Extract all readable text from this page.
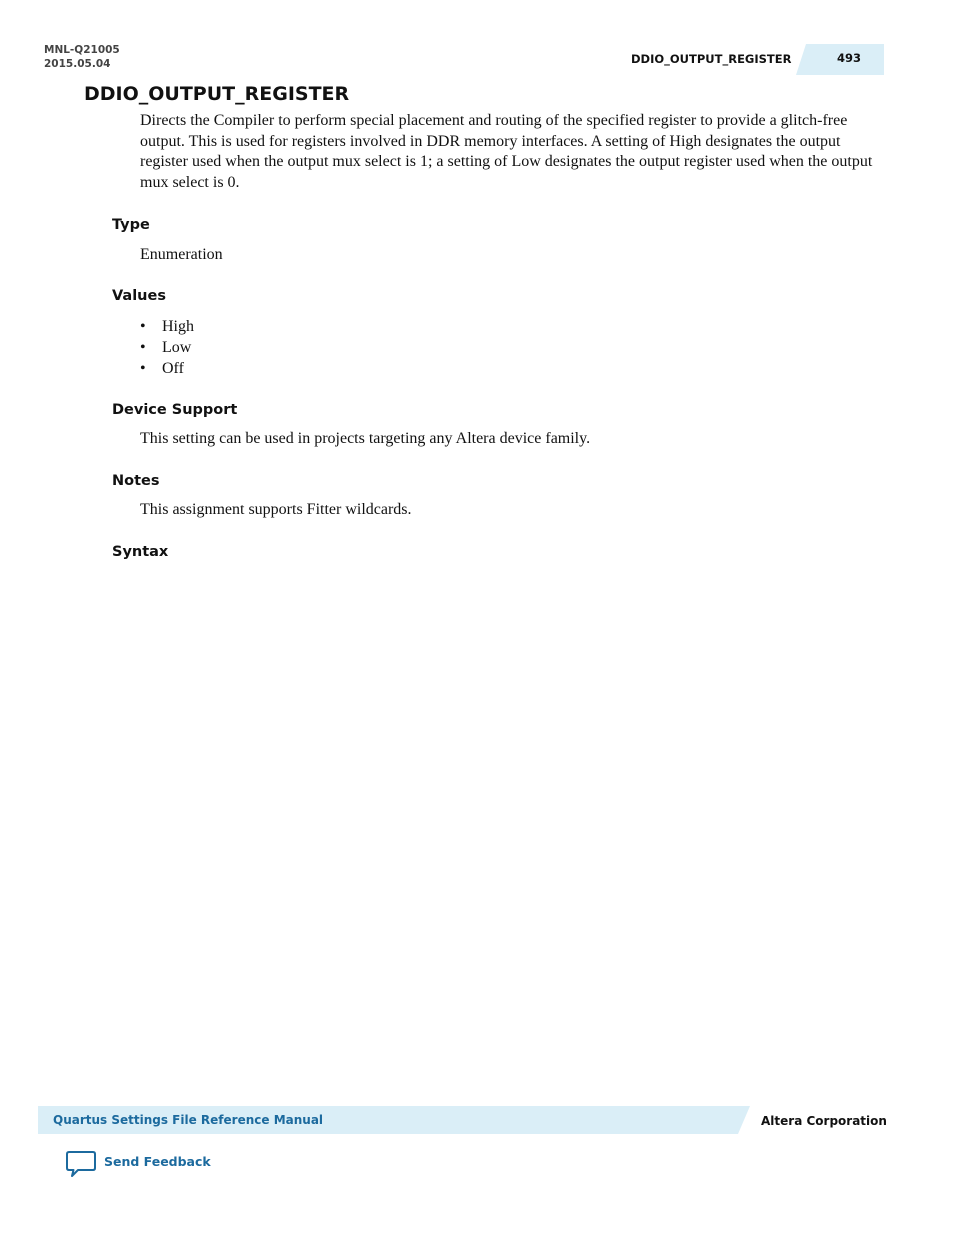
MNL-Q21005
2015.05.04	DDIO_OUTPUT_REGISTER	493
DDIO_OUTPUT_REGISTER
Directs the Compiler to perform special placement and routing of the specified register to provide a glitch-free output. This is used for registers involved in DDR memory interfaces. A setting of High designates the output register used when the output mux select is 1; a setting of Low designates the output register used when the output mux select is 0.
Type
Enumeration
Values
• High
• Low
• Off
Device Support
This setting can be used in projects targeting any Altera device family.
Notes
This assignment supports Fitter wildcards.
Syntax
Quartus Settings File Reference Manual	Altera Corporation
Send Feedback
